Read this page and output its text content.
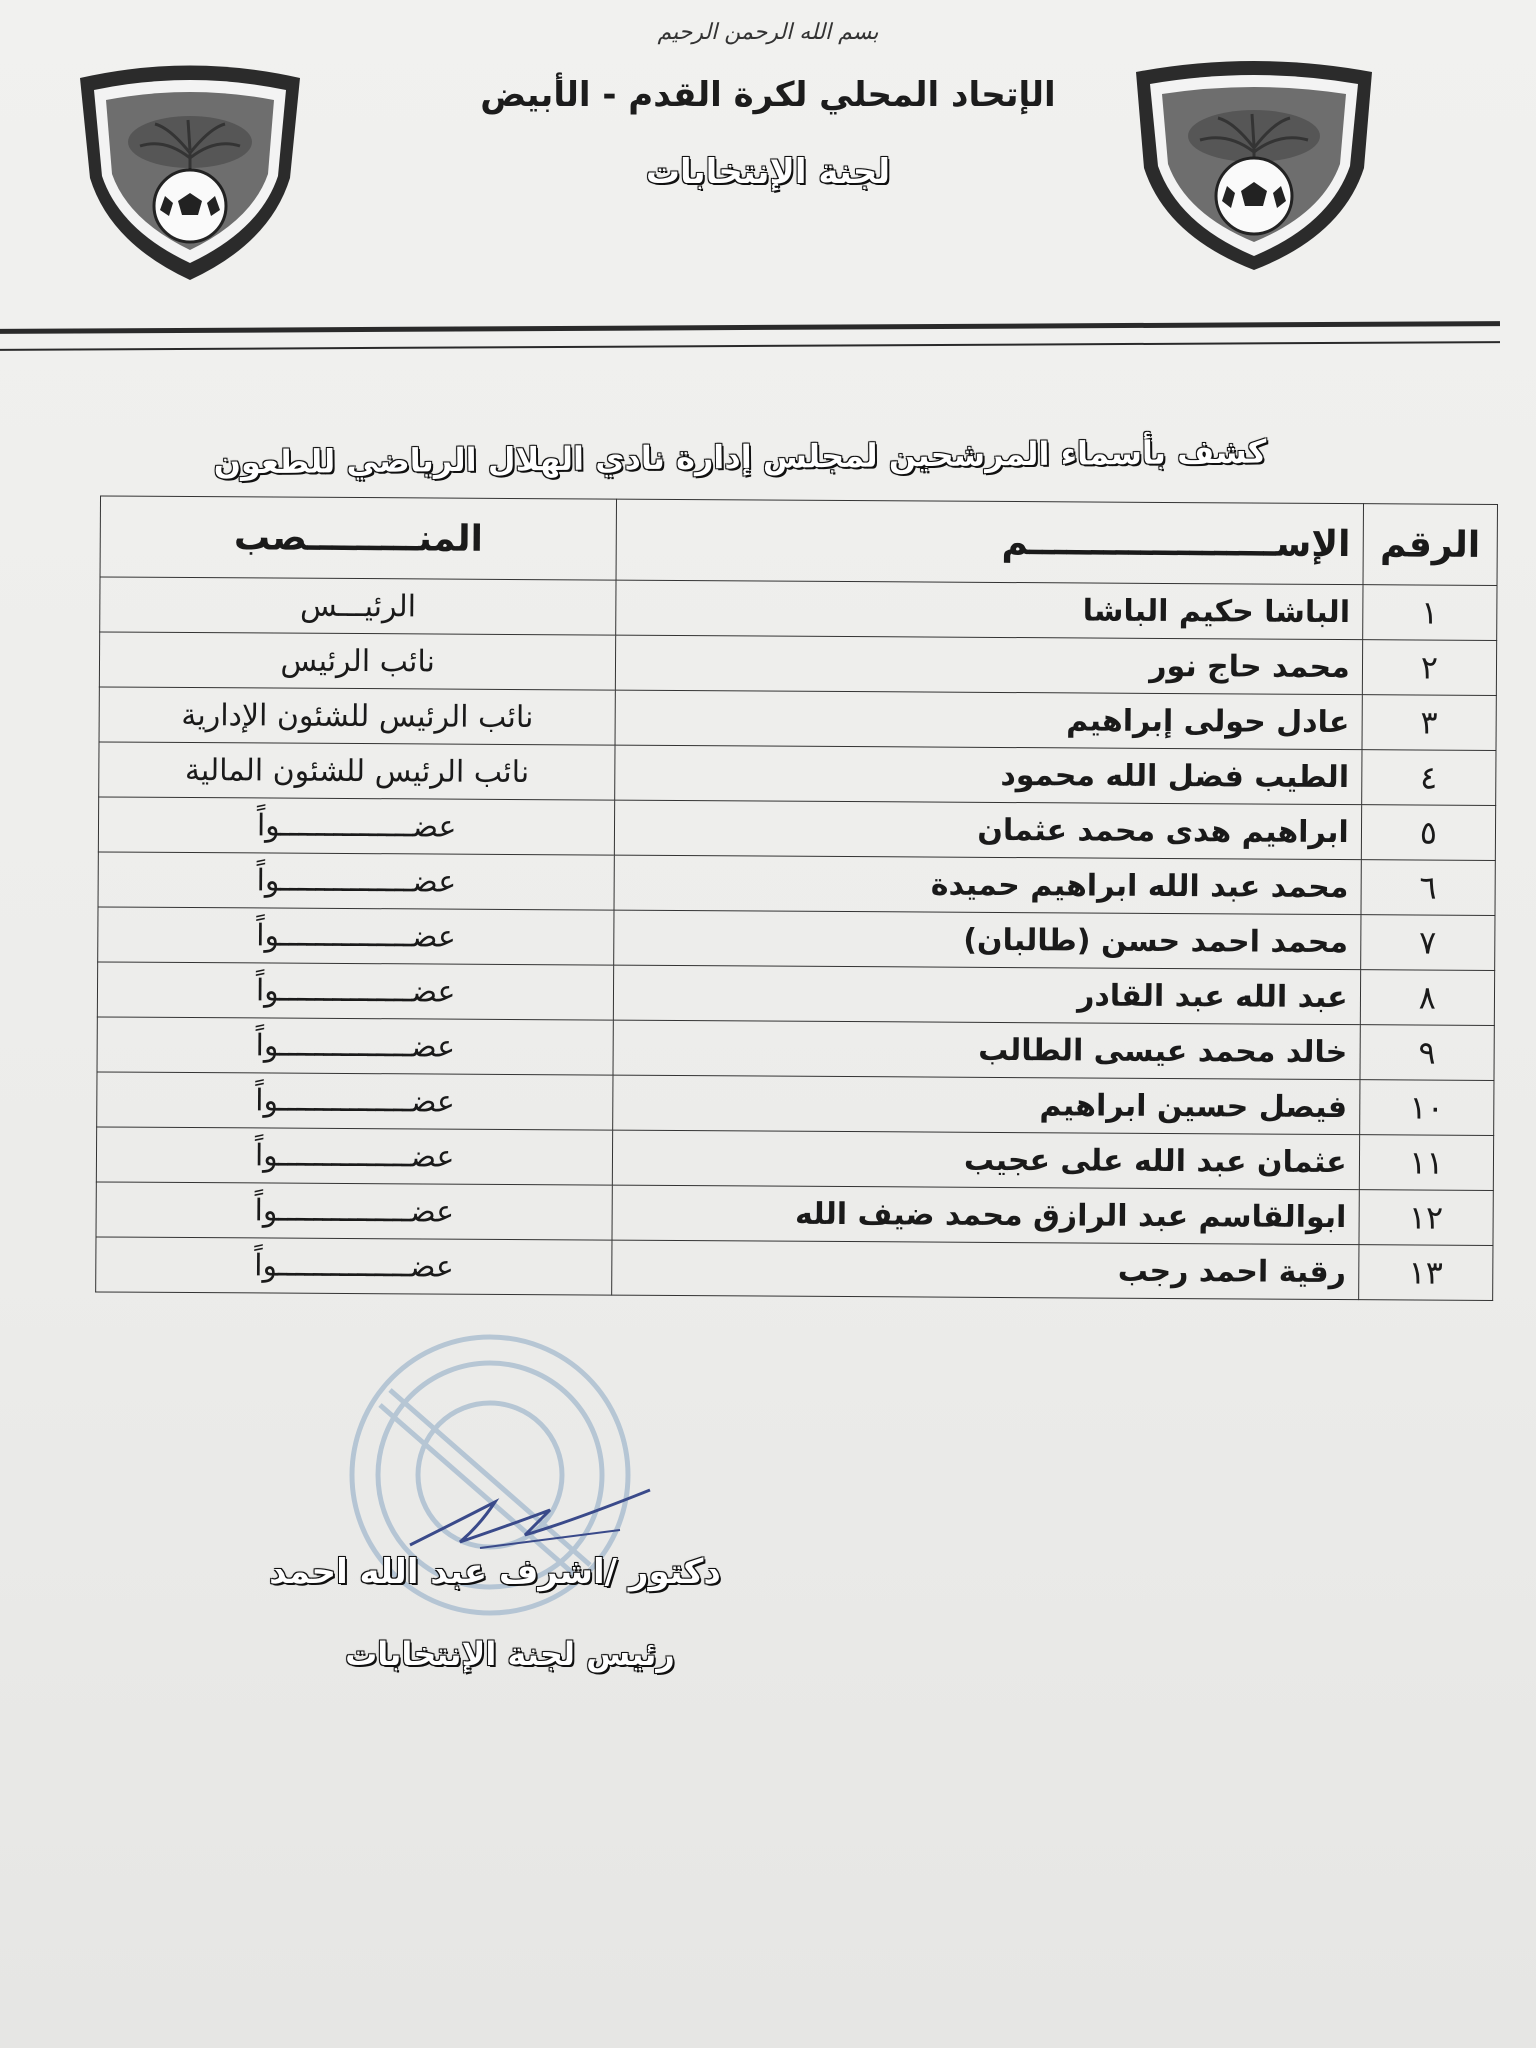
بسم الله الرحمن الرحيم
الإتحاد المحلي لكرة القدم - الأبيض
لجنة الإنتخابات
كشف بأسماء المرشحين لمجلس إدارة نادي الهلال الرياضي للطعون
الرقم	الإســــــــــــــــــــم	المنـــــــــصب
١	الباشا حكيم الباشا	الرئيـــس
٢	محمد حاج نور	نائب الرئيس
٣	عادل حولى إبراهيم	نائب الرئيس للشئون الإدارية
٤	الطيب فضل الله محمود	نائب الرئيس للشئون المالية
٥	ابراهيم هدى محمد عثمان	عضـــــــــــــــواً
٦	محمد عبد الله ابراهيم حميدة	عضـــــــــــــــواً
٧	محمد احمد حسن (طالبان)	عضـــــــــــــــواً
٨	عبد الله عبد القادر	عضـــــــــــــــواً
٩	خالد محمد عيسى الطالب	عضـــــــــــــــواً
١٠	فيصل حسين ابراهيم	عضـــــــــــــــواً
١١	عثمان عبد الله على عجيب	عضـــــــــــــــواً
١٢	ابوالقاسم عبد الرازق محمد ضيف الله	عضـــــــــــــــواً
١٣	رقية احمد رجب	عضـــــــــــــــواً
دكتور /اشرف عبد الله احمد
رئيس لجنة الإنتخابات
